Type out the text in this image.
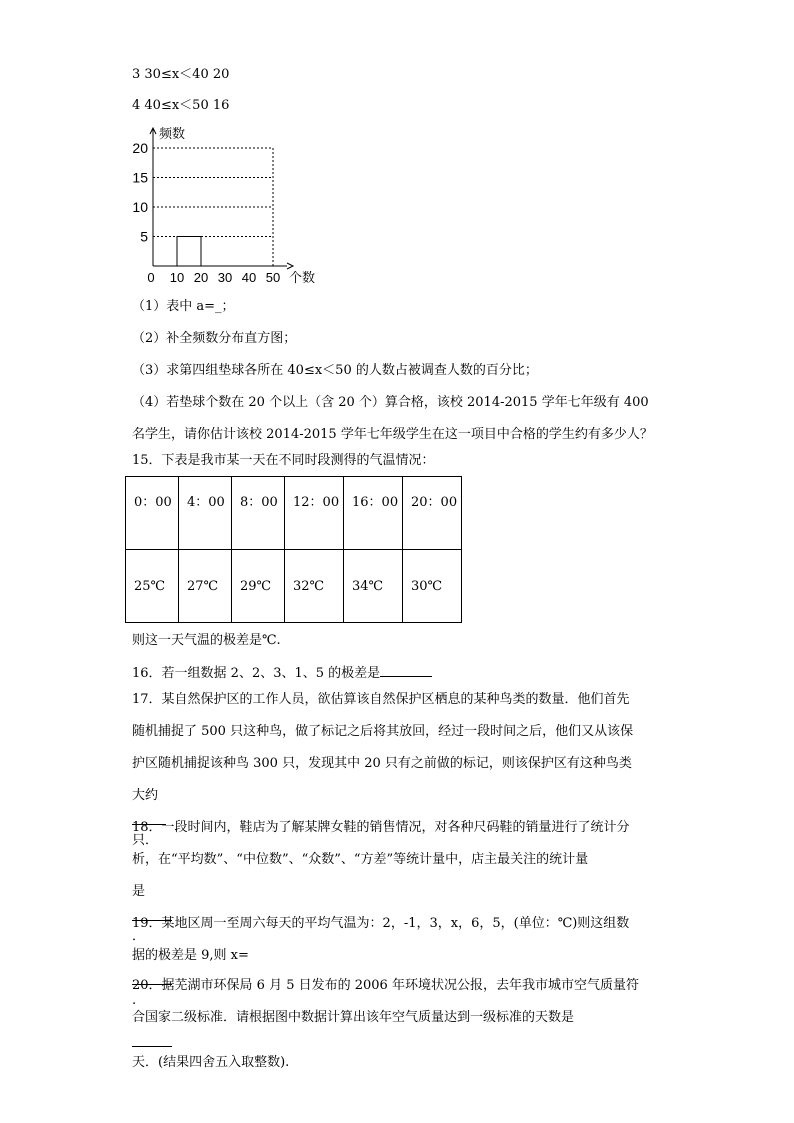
3 30≤x＜40 20
4 40≤x＜50 16
5
10
15
20
0 10 20 30 40 50
频数
个数
（1）表中 a=_；
（2）补全频数分布直方图；
（3）求第四组垫球各所在 40≤x＜50 的人数占被调查人数的百分比；
（4）若垫球个数在 20 个以上（含 20 个）算合格，该校 2014-2015 学年七年级有 400
名学生，请你估计该校 2014-2015 学年七年级学生在这一项目中合格的学生约有多少人？
15．下表是我市某一天在不同时段测得的气温情况：
0：00	4：00	8：00	12：00	16：00	20：00
25℃	27℃	29℃	32℃	34℃	30℃
则这一天气温的极差是℃.
16．若一组数据 2、2、3、1、5 的极差是
17．某自然保护区的工作人员，欲估算该自然保护区栖息的某种鸟类的数量．他们首先
随机捕捉了 500 只这种鸟，做了标记之后将其放回，经过一段时间之后，他们又从该保
护区随机捕捉该种鸟 300 只，发现其中 20 只有之前做的标记，则该保护区有这种鸟类
大约
只．
18．一段时间内，鞋店为了解某牌女鞋的销售情况，对各种尺码鞋的销量进行了统计分
析，在“平均数”、“中位数”、“众数”、“方差”等统计量中，店主最关注的统计量
是
．
19．某地区周一至周六每天的平均气温为：2，-1，3，x，6，5，(单位：℃)则这组数
据的极差是 9,则 x=
.
20．据芜湖市环保局 6 月 5 日发布的 2006 年环境状况公报，去年我市城市空气质量符
合国家二级标准．请根据图中数据计算出该年空气质量达到一级标准的天数是
天．(结果四舍五入取整数).
